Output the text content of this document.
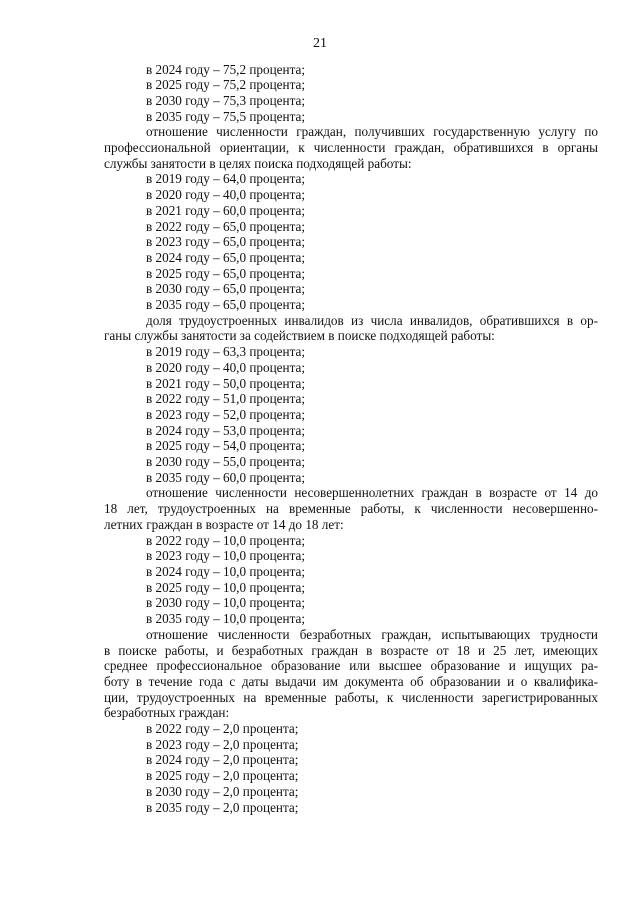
21
в 2024 году – 75,2 процента;
в 2025 году – 75,2 процента;
в 2030 году – 75,3 процента;
в 2035 году – 75,5 процента;
отношение численности граждан, получивших государственную услугу по
профессиональной ориентации, к численности граждан, обратившихся в органы
службы занятости в целях поиска подходящей работы:
в 2019 году – 64,0 процента;
в 2020 году – 40,0 процента;
в 2021 году – 60,0 процента;
в 2022 году – 65,0 процента;
в 2023 году – 65,0 процента;
в 2024 году – 65,0 процента;
в 2025 году – 65,0 процента;
в 2030 году – 65,0 процента;
в 2035 году – 65,0 процента;
доля трудоустроенных инвалидов из числа инвалидов, обратившихся в ор-
ганы службы занятости за содействием в поиске подходящей работы:
в 2019 году – 63,3 процента;
в 2020 году – 40,0 процента;
в 2021 году – 50,0 процента;
в 2022 году – 51,0 процента;
в 2023 году – 52,0 процента;
в 2024 году – 53,0 процента;
в 2025 году – 54,0 процента;
в 2030 году – 55,0 процента;
в 2035 году – 60,0 процента;
отношение численности несовершеннолетних граждан в возрасте от 14 до
18 лет, трудоустроенных на временные работы, к численности несовершенно-
летних граждан в возрасте от 14 до 18 лет:
в 2022 году – 10,0 процента;
в 2023 году – 10,0 процента;
в 2024 году – 10,0 процента;
в 2025 году – 10,0 процента;
в 2030 году – 10,0 процента;
в 2035 году – 10,0 процента;
отношение численности безработных граждан, испытывающих трудности
в поиске работы, и безработных граждан в возрасте от 18 и 25 лет, имеющих
среднее профессиональное образование или высшее образование и ищущих ра-
боту в течение года с даты выдачи им документа об образовании и о квалифика-
ции, трудоустроенных на временные работы, к численности зарегистрированных
безработных граждан:
в 2022 году – 2,0 процента;
в 2023 году – 2,0 процента;
в 2024 году – 2,0 процента;
в 2025 году – 2,0 процента;
в 2030 году – 2,0 процента;
в 2035 году – 2,0 процента;
